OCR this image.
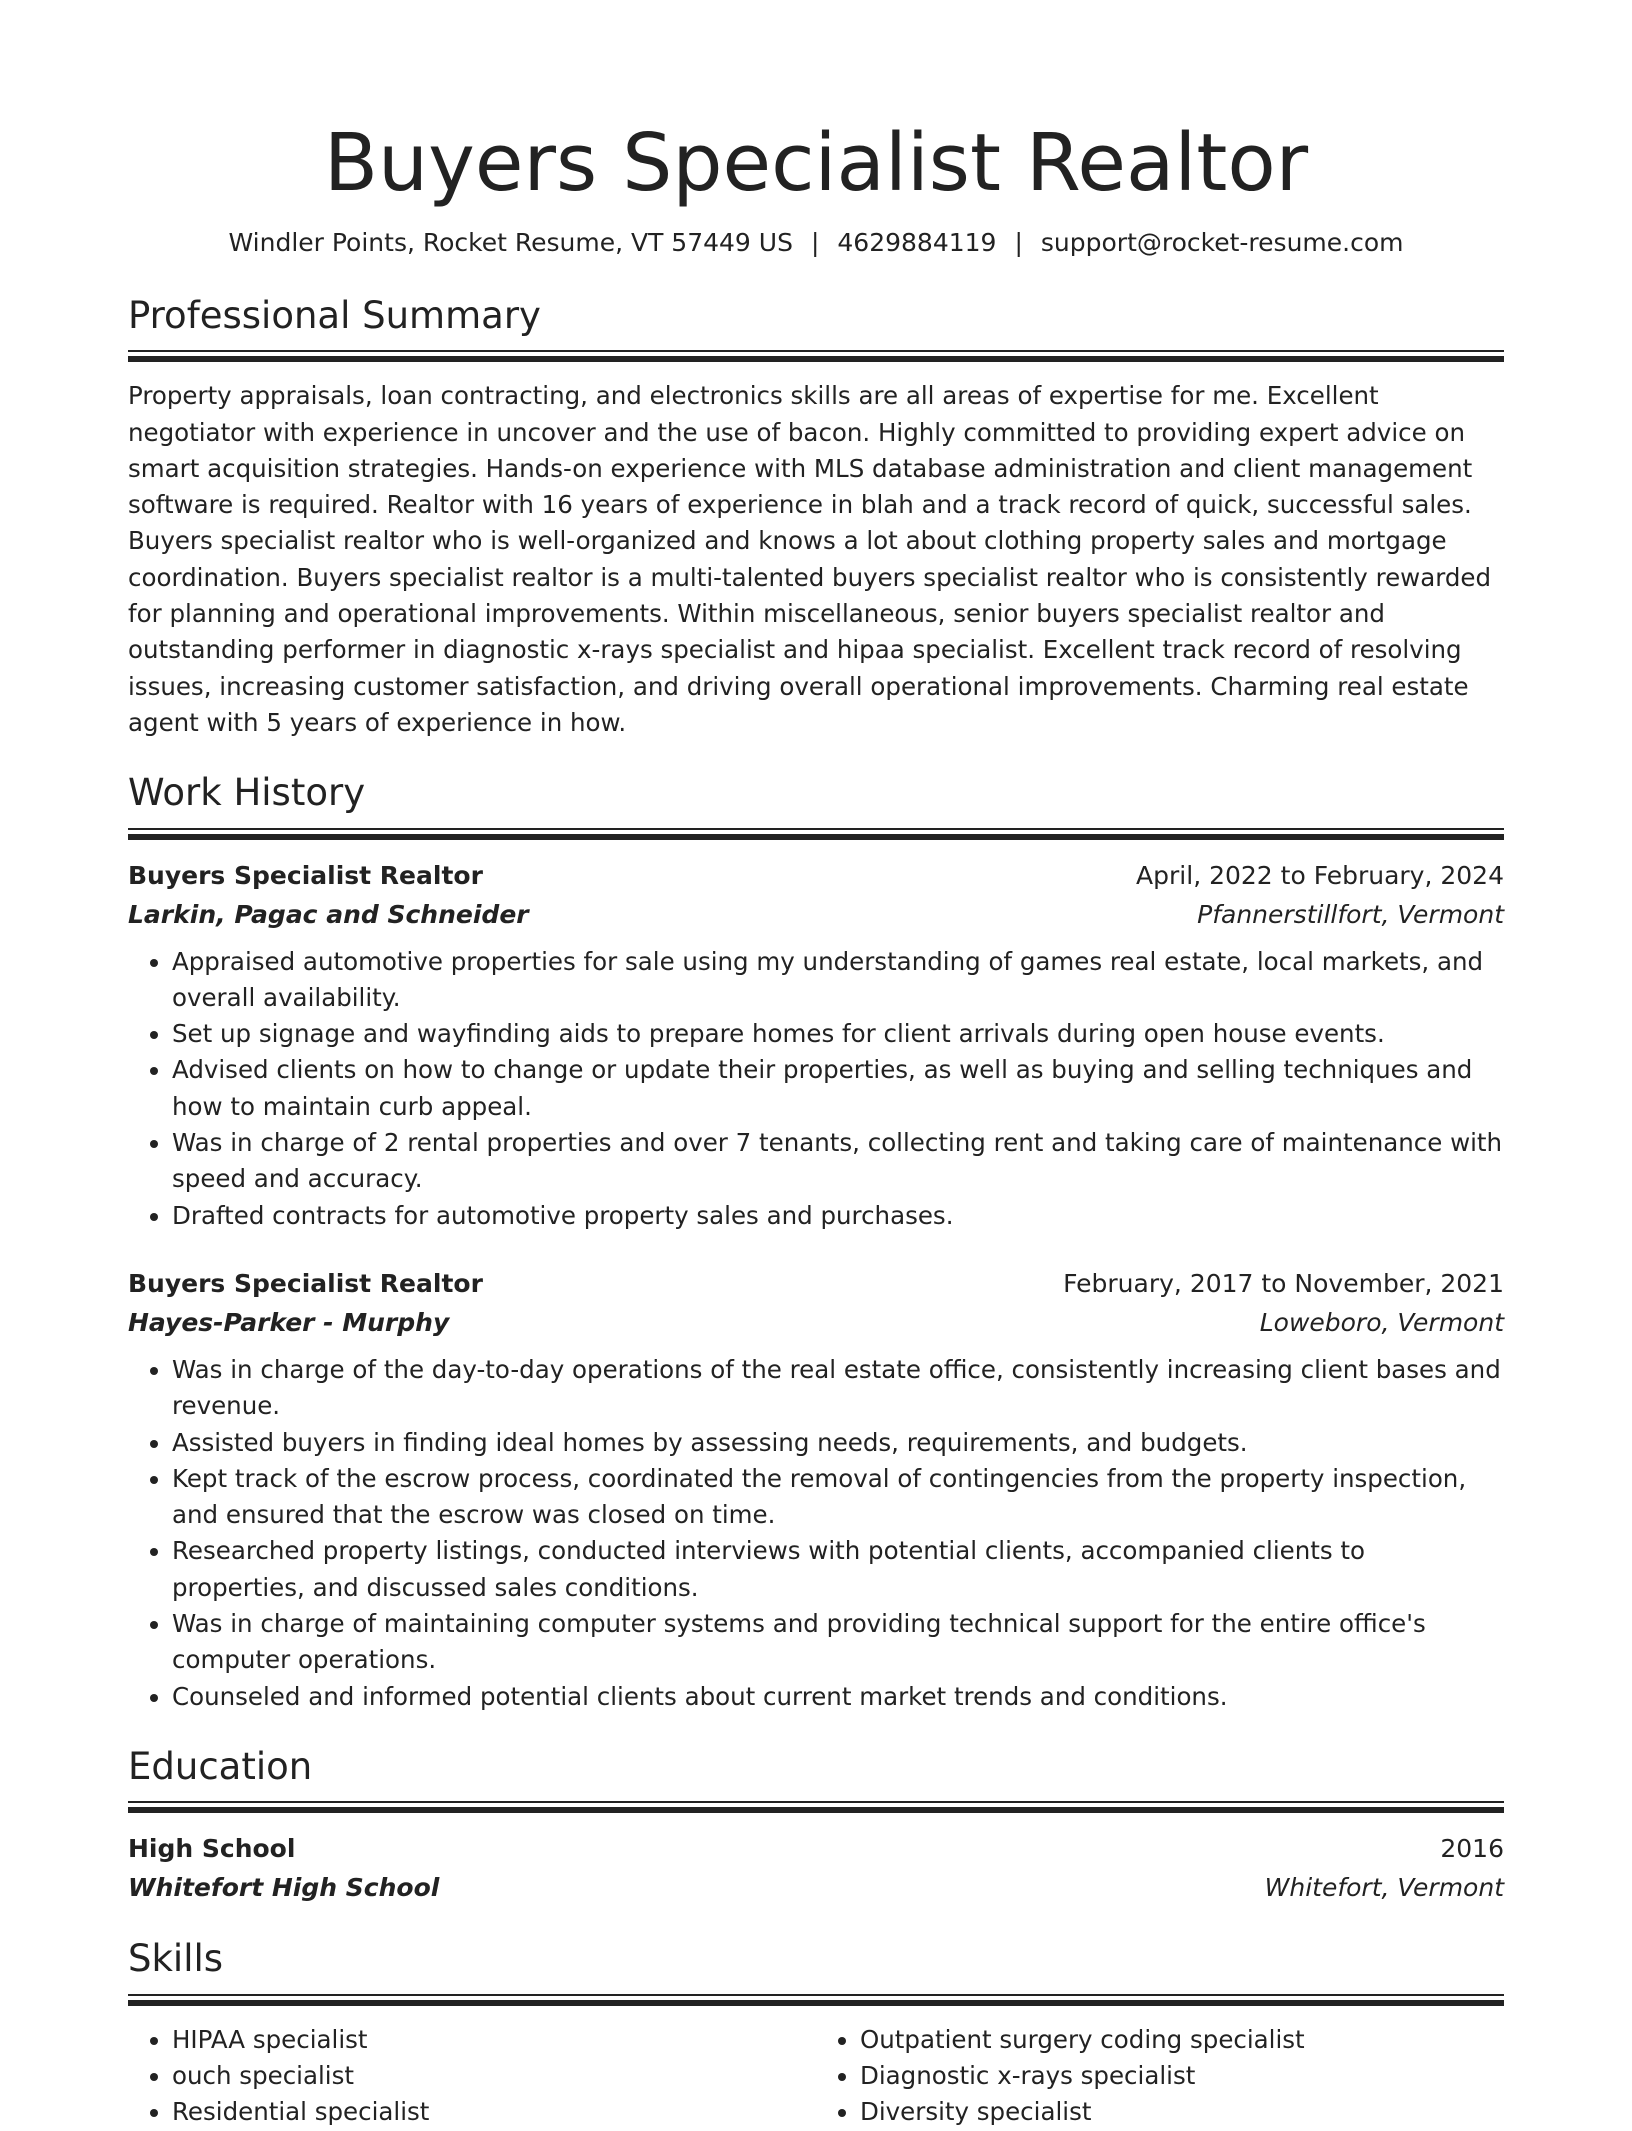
Buyers Specialist Realtor
Windler Points, Rocket Resume, VT 57449 US | 4629884119 | support@rocket-resume.com
Professional Summary

Property appraisals, loan contracting, and electronics skills are all areas of expertise for me. Excellent negotiator with experience in uncover and the use of bacon. Highly committed to providing expert advice on smart acquisition strategies. Hands-on experience with MLS database administration and client management software is required. Realtor with 16 years of experience in blah and a track record of quick, successful sales. Buyers specialist realtor who is well-organized and knows a lot about clothing property sales and mortgage coordination. Buyers specialist realtor is a multi-talented buyers specialist realtor who is consistently rewarded for planning and operational improvements. Within miscellaneous, senior buyers specialist realtor and outstanding performer in diagnostic x-rays specialist and hipaa specialist. Excellent track record of resolving issues, increasing customer satisfaction, and driving overall operational improvements. Charming real estate agent with 5 years of experience in how.

Work History
Buyers Specialist Realtor	April, 2022 to February, 2024
Larkin, Pagac and Schneider	Pfannerstillfort, Vermont
• Appraised automotive properties for sale using my understanding of games real estate, local markets, and overall availability.
• Set up signage and wayfinding aids to prepare homes for client arrivals during open house events.
• Advised clients on how to change or update their properties, as well as buying and selling techniques and how to maintain curb appeal.
• Was in charge of 2 rental properties and over 7 tenants, collecting rent and taking care of maintenance with speed and accuracy.
• Drafted contracts for automotive property sales and purchases.
Buyers Specialist Realtor	February, 2017 to November, 2021
Hayes-Parker - Murphy	Loweboro, Vermont
• Was in charge of the day-to-day operations of the real estate office, consistently increasing client bases and revenue.
• Assisted buyers in finding ideal homes by assessing needs, requirements, and budgets.
• Kept track of the escrow process, coordinated the removal of contingencies from the property inspection, and ensured that the escrow was closed on time.
• Researched property listings, conducted interviews with potential clients, accompanied clients to properties, and discussed sales conditions.
• Was in charge of maintaining computer systems and providing technical support for the entire office's computer operations.
• Counseled and informed potential clients about current market trends and conditions.
Education
High School	2016
Whitefort High School	Whitefort, Vermont
Skills
• HIPAA specialist
• ouch specialist
• Residential specialist
• Outpatient surgery coding specialist
• Diagnostic x-rays specialist
• Diversity specialist
